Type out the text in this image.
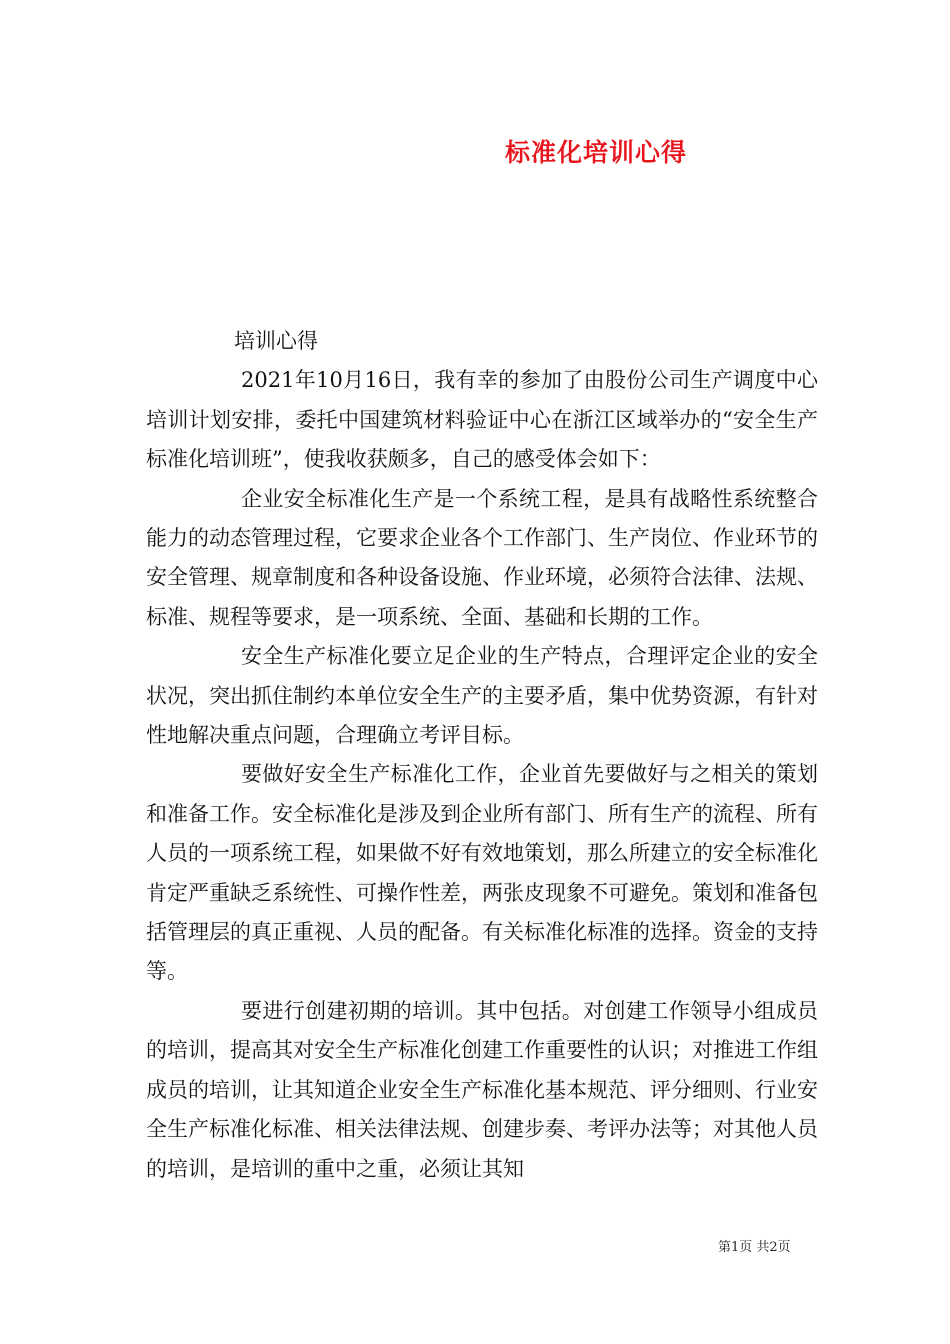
标准化培训心得

培训心得

2021年10月16日，我有幸的参加了由股份公司生产调度中心培训计划安排，委托中国建筑材料验证中心在浙江区域举办的“安全生产标准化培训班”，使我收获颇多，自己的感受体会如下：

企业安全标准化生产是一个系统工程，是具有战略性系统整合能力的动态管理过程，它要求企业各个工作部门、生产岗位、作业环节的安全管理、规章制度和各种设备设施、作业环境，必须符合法律、法规、标准、规程等要求，是一项系统、全面、基础和长期的工作。

安全生产标准化要立足企业的生产特点，合理评定企业的安全状况，突出抓住制约本单位安全生产的主要矛盾，集中优势资源，有针对性地解决重点问题，合理确立考评目标。

要做好安全生产标准化工作，企业首先要做好与之相关的策划和准备工作。安全标准化是涉及到企业所有部门、所有生产的流程、所有人员的一项系统工程，如果做不好有效地策划，那么所建立的安全标准化肯定严重缺乏系统性、可操作性差，两张皮现象不可避免。策划和准备包括管理层的真正重视、人员的配备。有关标准化标准的选择。资金的支持等。

要进行创建初期的培训。其中包括。对创建工作领导小组成员的培训，提高其对安全生产标准化创建工作重要性的认识；对推进工作组成员的培训，让其知道企业安全生产标准化基本规范、评分细则、行业安全生产标准化标准、相关法律法规、创建步奏、考评办法等；对其他人员的培训，是培训的重中之重，必须让其知

第1页 共2页
